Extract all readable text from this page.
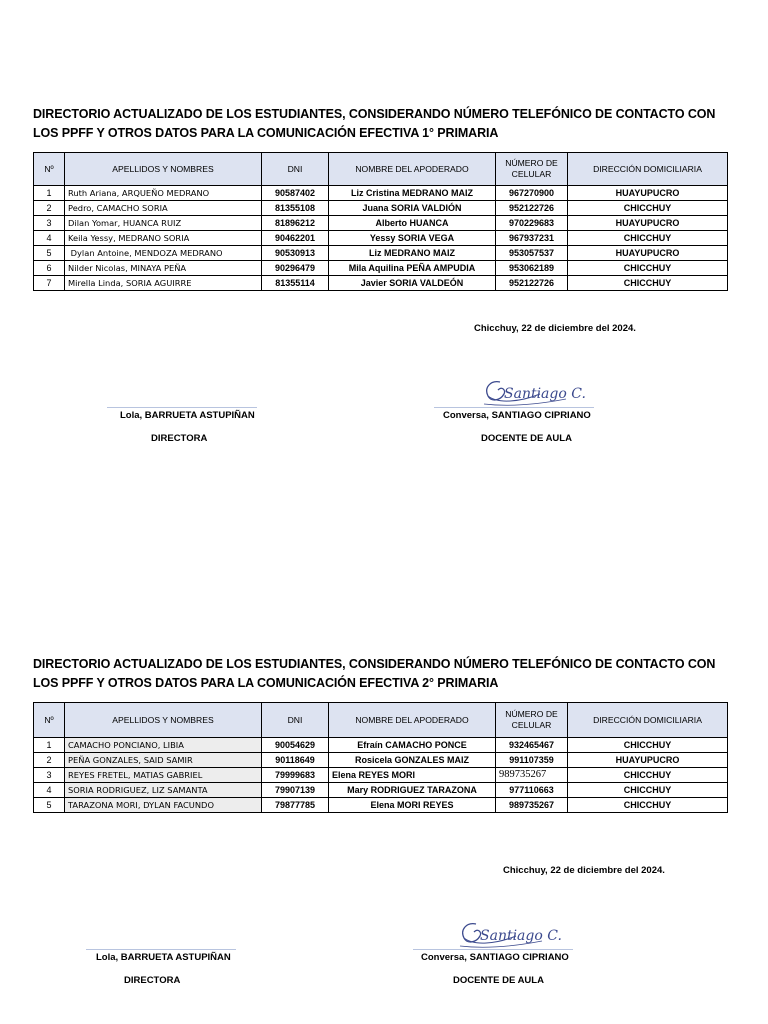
DIRECTORIO ACTUALIZADO DE LOS ESTUDIANTES, CONSIDERANDO NÚMERO TELEFÓNICO DE CONTACTO CON LOS PPFF Y OTROS DATOS PARA LA COMUNICACIÓN EFECTIVA 1° PRIMARIA
Nº	APELLIDOS Y NOMBRES	DNI	NOMBRE DEL APODERADO	NÚMERO DE CELULAR	DIRECCIÓN DOMICILIARIA
1	Ruth Ariana, ARQUEÑO MEDRANO	90587402	Liz Cristina MEDRANO MAIZ	967270900	HUAYUPUCRO
2	Pedro, CAMACHO SORIA	81355108	Juana SORIA VALDIÓN	952122726	CHICCHUY
3	Dilan Yomar, HUANCA RUIZ	81896212	Alberto HUANCA	970229683	HUAYUPUCRO
4	Keila Yessy, MEDRANO SORIA	90462201	Yessy SORIA VEGA	967937231	CHICCHUY
5	Dylan Antoine, MENDOZA MEDRANO	90530913	Liz MEDRANO MAIZ	953057537	HUAYUPUCRO
6	Nilder Nicolas, MINAYA PEÑA	90296479	Mila Aquilina PEÑA AMPUDIA	953062189	CHICCHUY
7	Mirella Linda, SORIA AGUIRRE	81355114	Javier SORIA VALDEÓN	952122726	CHICCHUY
Chicchuy, 22 de diciembre del 2024.
Santiago C.
Lola, BARRUETA ASTUPIÑAN	Conversa, SANTIAGO CIPRIANO
DIRECTORA	DOCENTE DE AULA
DIRECTORIO ACTUALIZADO DE LOS ESTUDIANTES, CONSIDERANDO NÚMERO TELEFÓNICO DE CONTACTO CON LOS PPFF Y OTROS DATOS PARA LA COMUNICACIÓN EFECTIVA 2° PRIMARIA
Nº	APELLIDOS Y NOMBRES	DNI	NOMBRE DEL APODERADO	NÚMERO DE CELULAR	DIRECCIÓN DOMICILIARIA
1	CAMACHO PONCIANO, LIBIA	90054629	Efraín CAMACHO PONCE	932465467	CHICCHUY
2	PEÑA GONZALES, SAID SAMIR	90118649	Rosicela GONZALES MAIZ	991107359	HUAYUPUCRO
3	REYES FRETEL, MATIAS GABRIEL	79999683	Elena REYES MORI	989735267	CHICCHUY
4	SORIA RODRIGUEZ, LIZ SAMANTA	79907139	Mary RODRIGUEZ TARAZONA	977110663	CHICCHUY
5	TARAZONA MORI, DYLAN FACUNDO	79877785	Elena MORI REYES	989735267	CHICCHUY
Chicchuy, 22 de diciembre del 2024.
Santiago C.
Lola, BARRUETA ASTUPIÑAN	Conversa, SANTIAGO CIPRIANO
DIRECTORA	DOCENTE DE AULA
